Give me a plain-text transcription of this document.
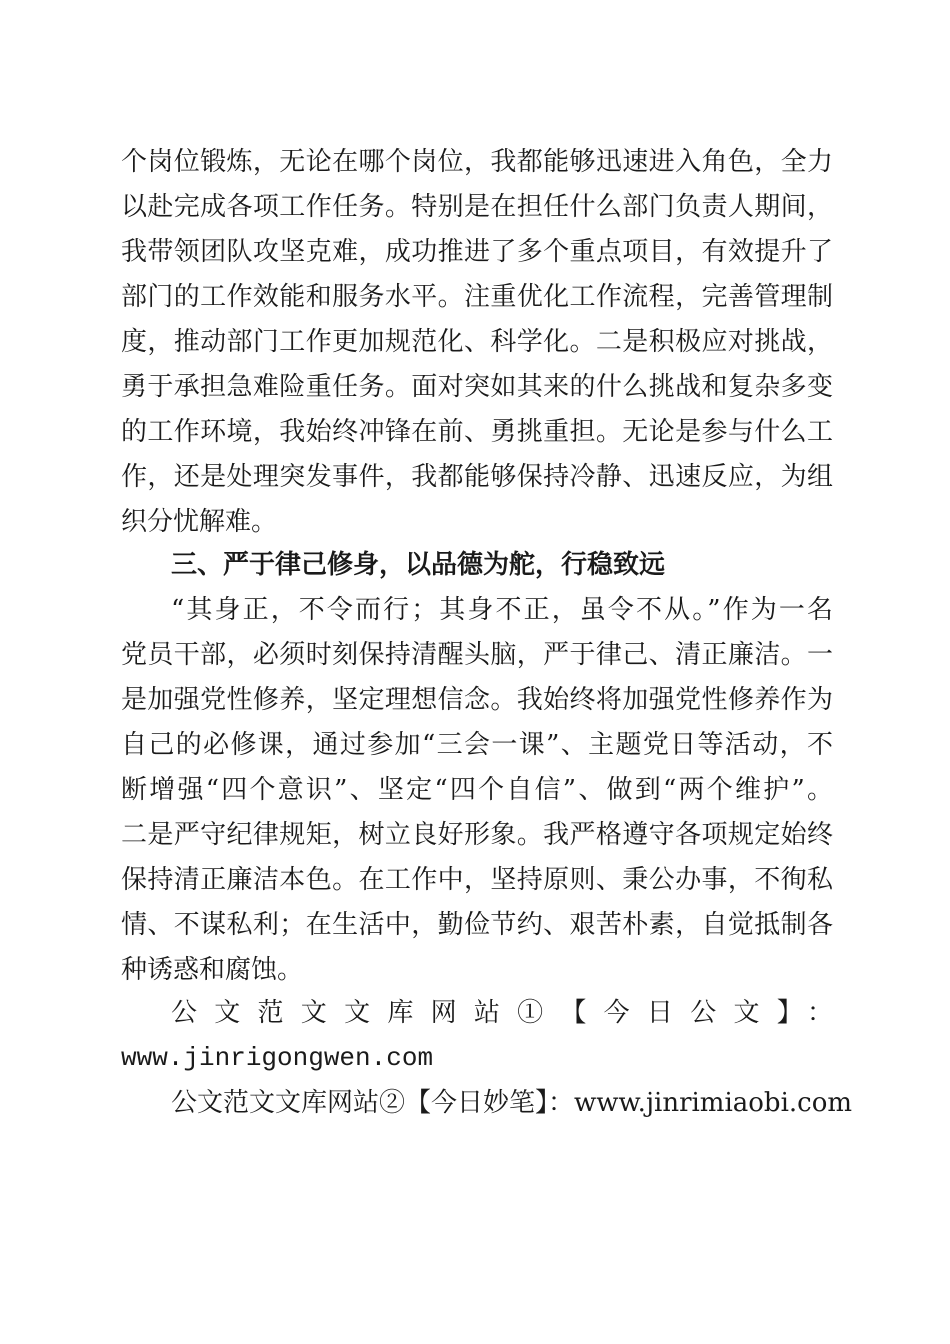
个岗位锻炼，无论在哪个岗位，我都能够迅速进入角色，全力
以赴完成各项工作任务。特别是在担任什么部门负责人期间，
我带领团队攻坚克难，成功推进了多个重点项目，有效提升了
部门的工作效能和服务水平。注重优化工作流程，完善管理制
度，推动部门工作更加规范化、科学化。二是积极应对挑战，
勇于承担急难险重任务。面对突如其来的什么挑战和复杂多变
的工作环境，我始终冲锋在前、勇挑重担。无论是参与什么工
作，还是处理突发事件，我都能够保持冷静、迅速反应，为组
织分忧解难。
三、严于律己修身，以品德为舵，行稳致远
“其身正，不令而行；其身不正，虽令不从。”作为一名
党员干部，必须时刻保持清醒头脑，严于律己、清正廉洁。一
是加强党性修养，坚定理想信念。我始终将加强党性修养作为
自己的必修课，通过参加“三会一课”、主题党日等活动，不
断增强“四个意识”、坚定“四个自信”、做到“两个维护”。
二是严守纪律规矩，树立良好形象。我严格遵守各项规定始终
保持清正廉洁本色。在工作中，坚持原则、秉公办事，不徇私
情、不谋私利；在生活中，勤俭节约、艰苦朴素，自觉抵制各
种诱惑和腐蚀。
公文范文文库网站①【今日公文】：
www.jinrigongwen.com
公文范文文库网站②【今日妙笔】：www.jinrimiaobi.com
